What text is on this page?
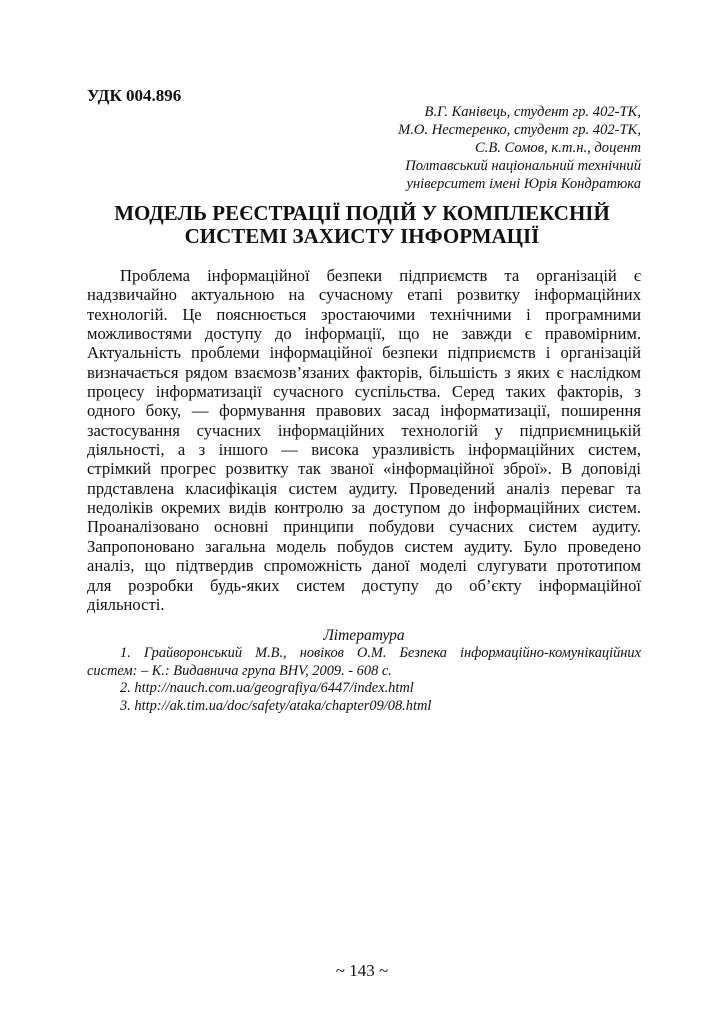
УДК 004.896
В.Г. Канівець, студент гр. 402-ТК,
М.О. Нестеренко, студент гр. 402-ТК,
С.В. Сомов, к.т.н., доцент
Полтавський національний технічний
університет імені Юрія Кондратюка
МОДЕЛЬ РЕЄСТРАЦІЇ ПОДІЙ У КОМПЛЕКСНІЙ
СИСТЕМІ ЗАХИСТУ ІНФОРМАЦІЇ
Проблема інформаційної безпеки підприємств та організацій є
надзвичайно актуальною на сучасному етапі розвитку інформаційних
технологій. Це пояснюється зростаючими технічними і програмними
можливостями доступу до інформації, що не завжди є правомірним.
Актуальність проблеми інформаційної безпеки підприємств і організацій
визначається рядом взаємозв’язаних факторів, більшість з яких є наслідком
процесу інформатизації сучасного суспільства. Серед таких факторів, з
одного боку, — формування правових засад інформатизації, поширення
застосування сучасних інформаційних технологій у підприємницькій
діяльності, а з іншого — висока уразливість інформаційних систем,
стрімкий прогрес розвитку так званої «інформаційної зброї». В доповіді
прдставлена класифікація систем аудиту. Проведений аналіз переваг та
недоліків окремих видів контролю за доступом до інформаційних систем.
Проаналізовано основні принципи побудови сучасних систем аудиту.
Запропоновано загальна модель побудов систем аудиту. Було проведено
аналіз, що підтвердив спроможність даної моделі слугувати прототипом
для розробки будь-яких систем доступу до об’єкту інформаційної
діяльності.
Література
1. Грайворонський М.В., новіков О.М. Безпека інформаційно-комунікаційних
систем: – К.: Видавнича група BHV, 2009. - 608 с.
2. http://nauch.com.ua/geografiya/6447/index.html
3. http://ak.tim.ua/doc/safety/ataka/chapter09/08.html
~ 143 ~
